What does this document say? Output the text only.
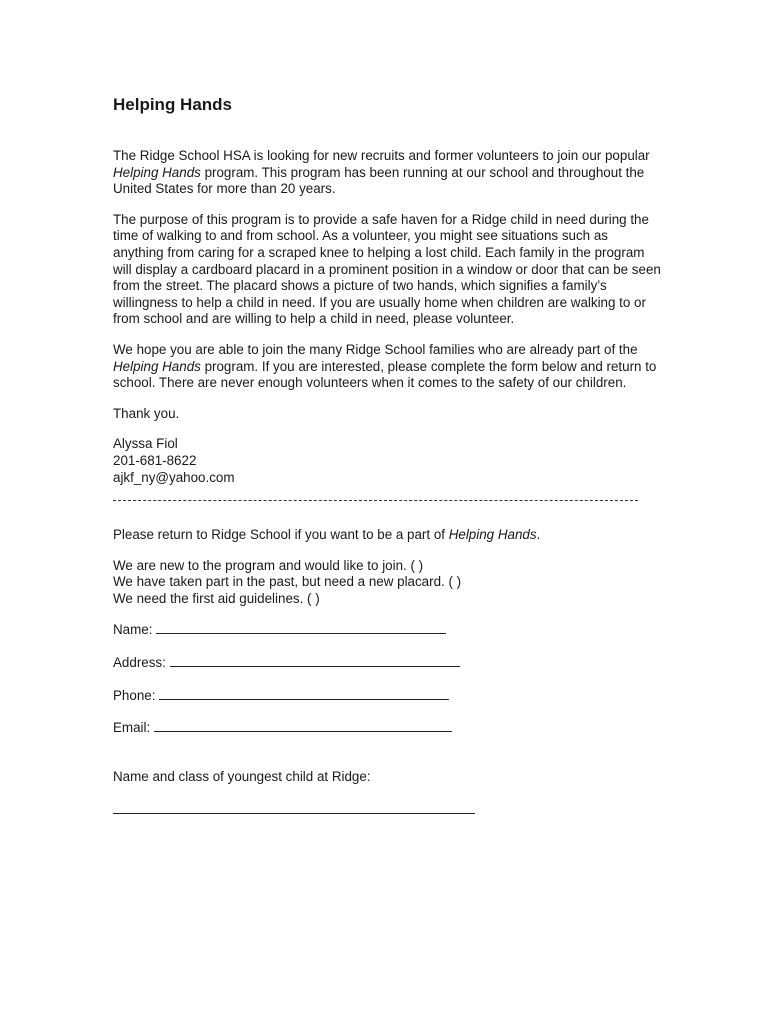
Helping Hands

The Ridge School HSA is looking for new recruits and former volunteers to join our popular Helping Hands program. This program has been running at our school and throughout the United States for more than 20 years.

The purpose of this program is to provide a safe haven for a Ridge child in need during the time of walking to and from school. As a volunteer, you might see situations such as anything from caring for a scraped knee to helping a lost child. Each family in the program will display a cardboard placard in a prominent position in a window or door that can be seen from the street. The placard shows a picture of two hands, which signifies a family’s willingness to help a child in need. If you are usually home when children are walking to or from school and are willing to help a child in need, please volunteer.

We hope you are able to join the many Ridge School families who are already part of the Helping Hands program. If you are interested, please complete the form below and return to school. There are never enough volunteers when it comes to the safety of our children.

Thank you.

Alyssa Fiol
201-681-8622
ajkf_ny@yahoo.com

Please return to Ridge School if you want to be a part of Helping Hands.

We are new to the program and would like to join. ( )
We have taken part in the past, but need a new placard. ( )
We need the first aid guidelines. ( )

Name:
Address:
Phone:
Email:

Name and class of youngest child at Ridge:
